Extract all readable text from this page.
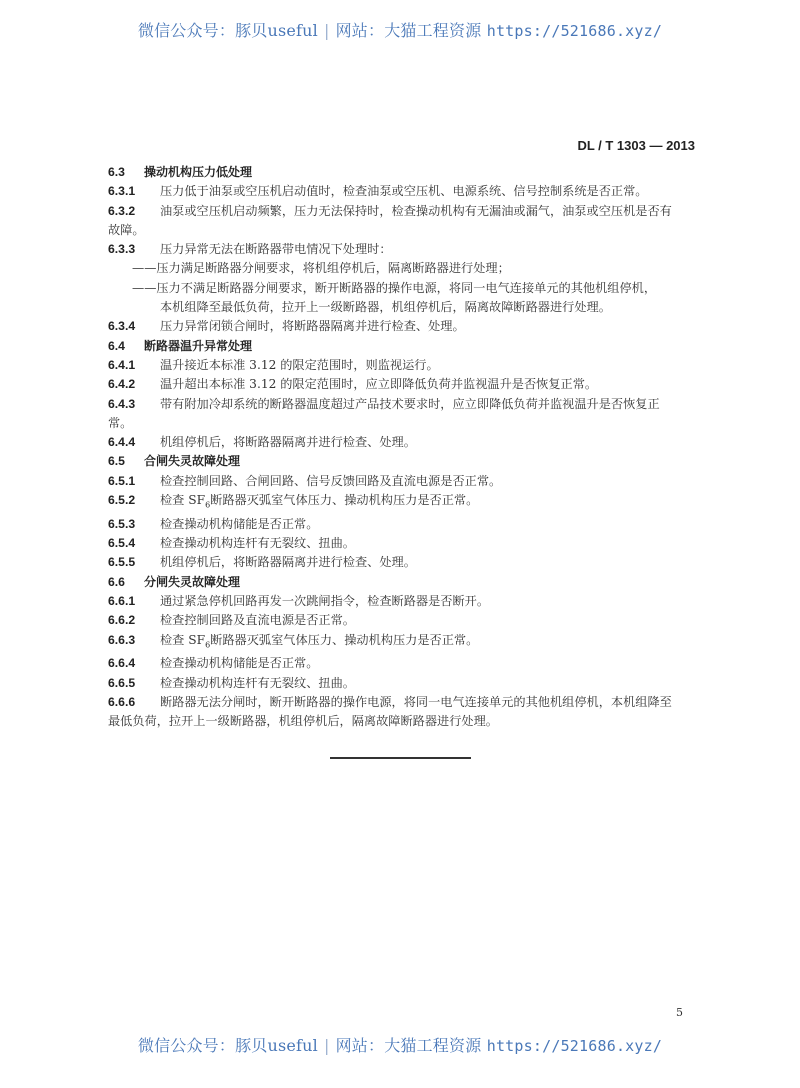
微信公众号：豚贝useful | 网站：大猫工程资源 https://521686.xyz/
DL / T 1303 — 2013
6.3 操动机构压力低处理
6.3.1 压力低于油泵或空压机启动值时，检查油泵或空压机、电源系统、信号控制系统是否正常。
6.3.2 油泵或空压机启动频繁，压力无法保持时，检查操动机构有无漏油或漏气，油泵或空压机是否有
故障。
6.3.3 压力异常无法在断路器带电情况下处理时：
——压力满足断路器分闸要求，将机组停机后，隔离断路器进行处理；
——压力不满足断路器分闸要求，断开断路器的操作电源，将同一电气连接单元的其他机组停机，
本机组降至最低负荷，拉开上一级断路器，机组停机后，隔离故障断路器进行处理。
6.3.4 压力异常闭锁合闸时，将断路器隔离并进行检查、处理。
6.4 断路器温升异常处理
6.4.1 温升接近本标准 3.12 的限定范围时，则监视运行。
6.4.2 温升超出本标准 3.12 的限定范围时，应立即降低负荷并监视温升是否恢复正常。
6.4.3 带有附加冷却系统的断路器温度超过产品技术要求时，应立即降低负荷并监视温升是否恢复正
常。
6.4.4 机组停机后，将断路器隔离并进行检查、处理。
6.5 合闸失灵故障处理
6.5.1 检查控制回路、合闸回路、信号反馈回路及直流电源是否正常。
6.5.2 检查 $SF_6$断路器灭弧室气体压力、操动机构压力是否正常。
6.5.3 检查操动机构储能是否正常。
6.5.4 检查操动机构连杆有无裂纹、扭曲。
6.5.5 机组停机后，将断路器隔离并进行检查、处理。
6.6 分闸失灵故障处理
6.6.1 通过紧急停机回路再发一次跳闸指令，检查断路器是否断开。
6.6.2 检查控制回路及直流电源是否正常。
6.6.3 检查 $SF_6$断路器灭弧室气体压力、操动机构压力是否正常。
6.6.4 检查操动机构储能是否正常。
6.6.5 检查操动机构连杆有无裂纹、扭曲。
6.6.6 断路器无法分闸时，断开断路器的操作电源，将同一电气连接单元的其他机组停机，本机组降至
最低负荷，拉开上一级断路器，机组停机后，隔离故障断路器进行处理。
5
微信公众号：豚贝useful | 网站：大猫工程资源 https://521686.xyz/
